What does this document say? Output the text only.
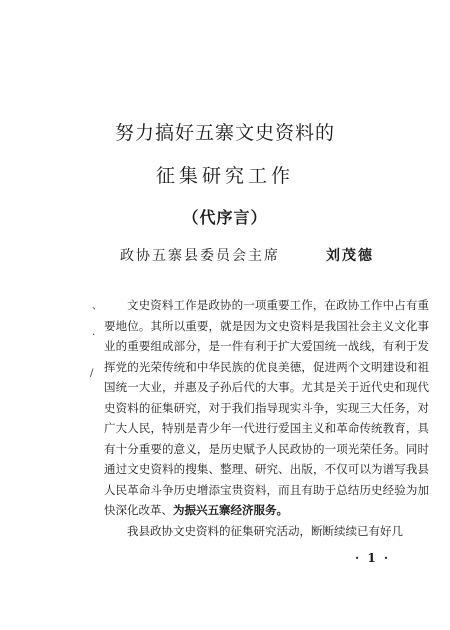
努力搞好五寨文史资料的
征集研究工作
（代序言）
政协五寨县委员会主席	刘茂德
、
·
/

文史资料工作是政协的一项重要工作，在政协工作中占有重要地位。其所以重要，就是因为文史资料是我国社会主义文化事业的重要组成部分，是一件有利于扩大爱国统一战线，有利于发挥党的光荣传统和中华民族的优良美德，促进两个文明建设和祖国统一大业，并惠及子孙后代的大事。尤其是关于近代史和现代史资料的征集研究，对于我们指导现实斗争，实现三大任务，对广大人民，特别是青少年一代进行爱国主义和革命传统教育，具有十分重要的意义，是历史赋予人民政协的一项光荣任务。同时通过文史资料的搜集、整理、研究、出版，不仅可以为谱写我县人民革命斗争历史增添宝贵资料，而且有助于总结历史经验为加快深化改革、为振兴五寨经济服务。

我县政协文史资料的征集研究活动，断断续续已有好几

· 1 ·
